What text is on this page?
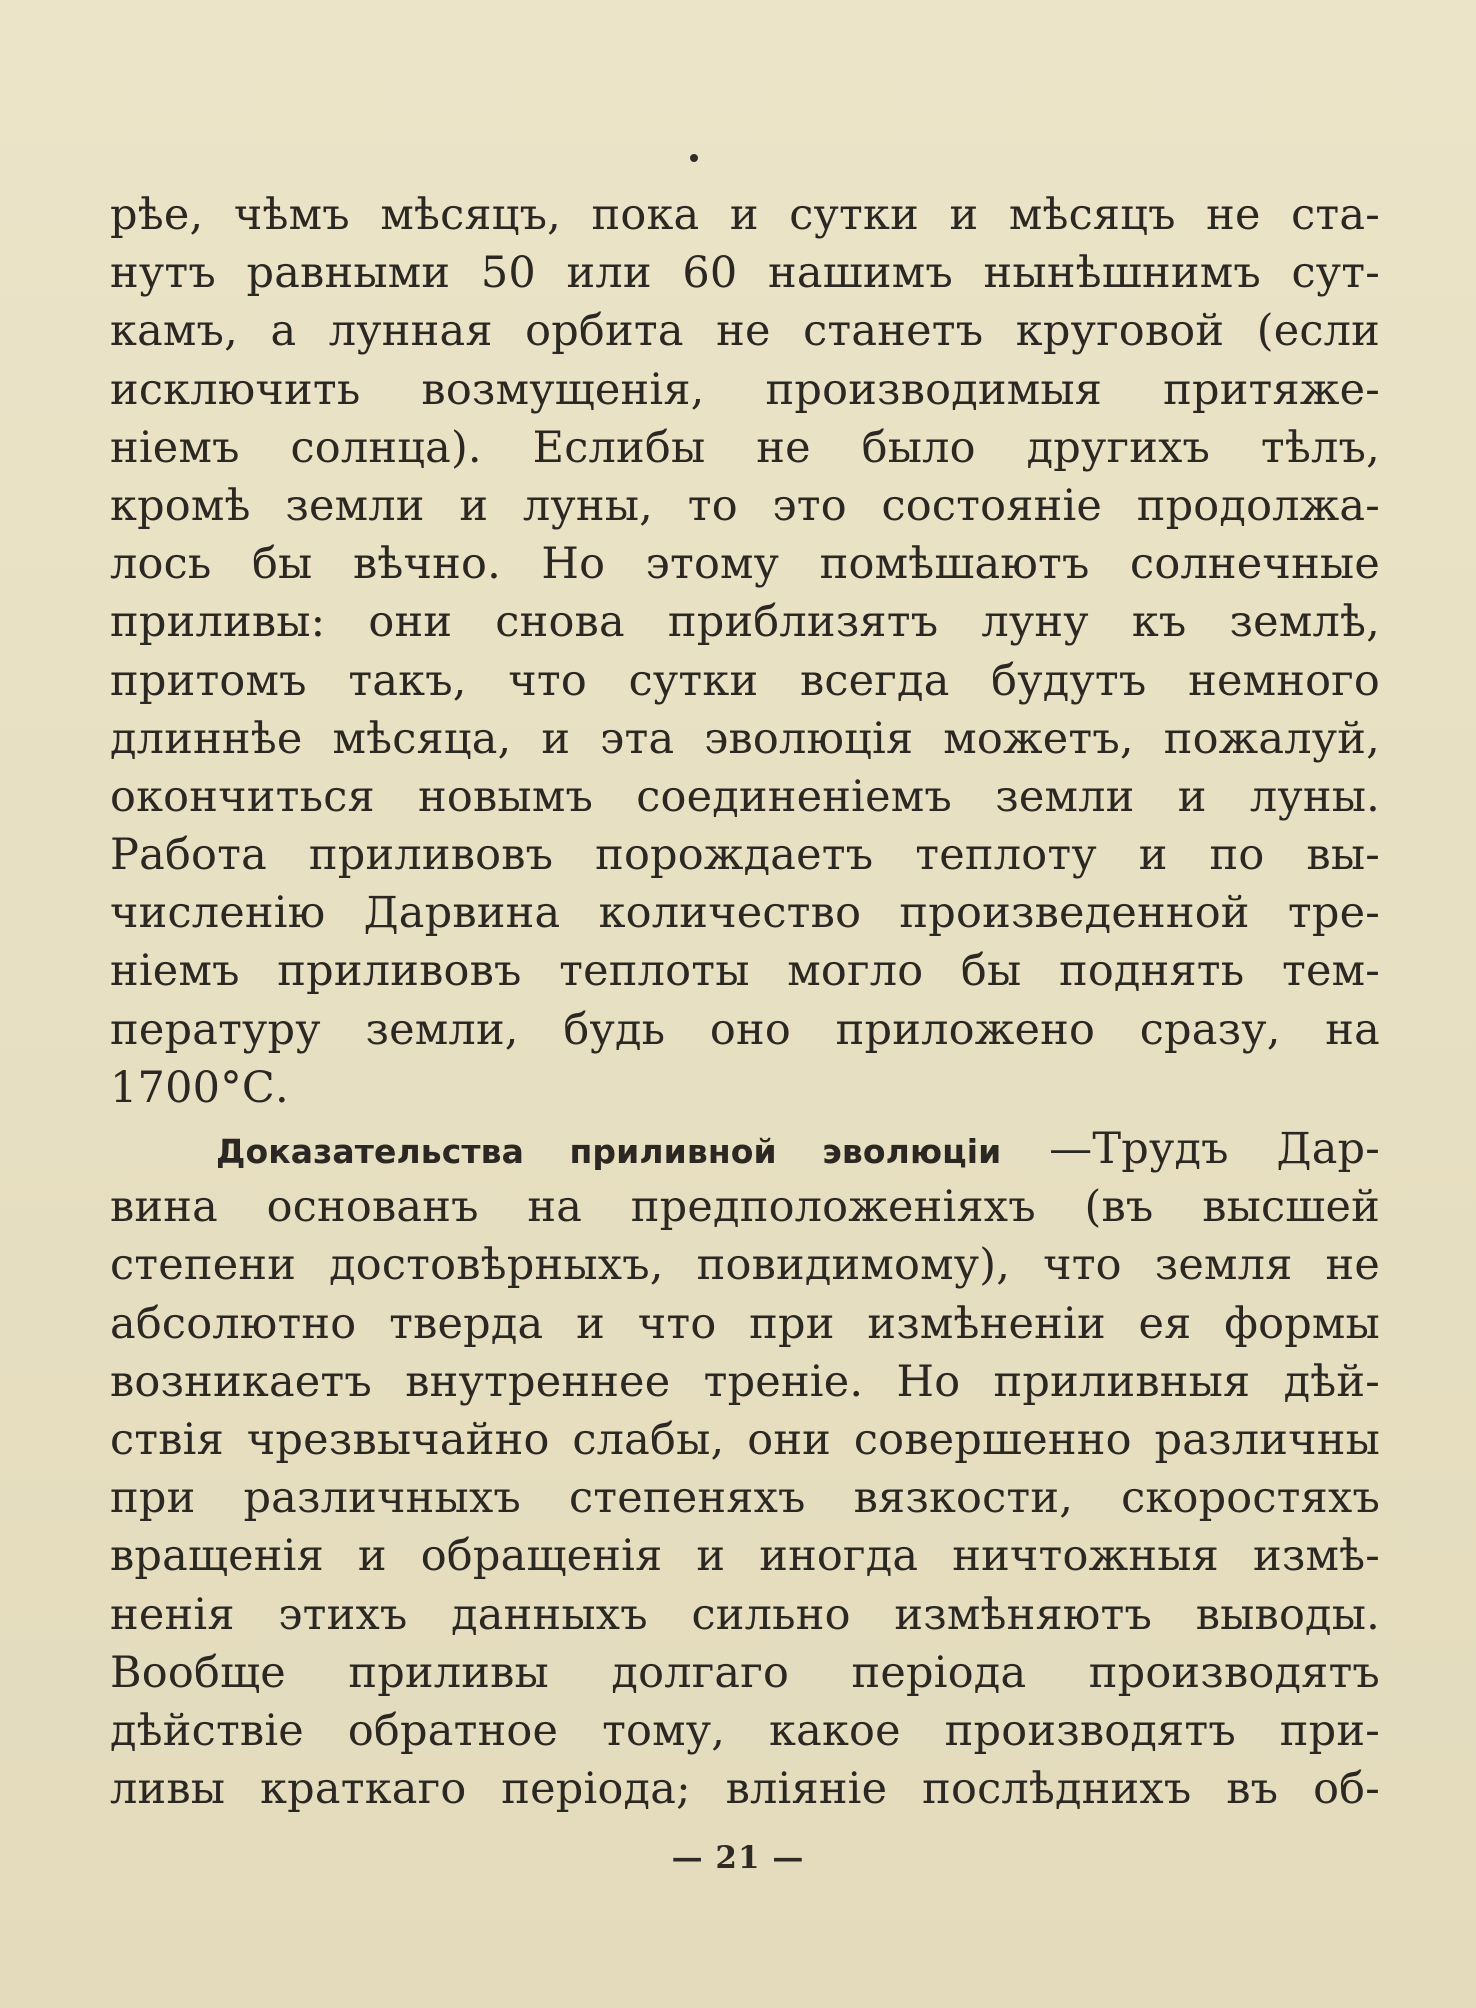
рѣе, чѣмъ мѣсяцъ, пока и сутки и мѣсяцъ не ста-
нутъ равными 50 или 60 нашимъ нынѣшнимъ сут-
камъ, а лунная орбита не станетъ круговой (если
исключить возмущенія, производимыя притяже-
ніемъ солнца). Еслибы не было другихъ тѣлъ,
кромѣ земли и луны, то это состояніе продолжа-
лось бы вѣчно. Но этому помѣшаютъ солнечные
приливы: они снова приблизятъ луну къ землѣ,
притомъ такъ, что сутки всегда будутъ немного
длиннѣе мѣсяца, и эта эволюція можетъ, пожалуй,
окончиться новымъ соединеніемъ земли и луны.
Работа приливовъ порождаетъ теплоту и по вы-
численію Дарвина количество произведенной тре-
ніемъ приливовъ теплоты могло бы поднять тем-
пературу земли, будь оно приложено сразу, на
1700°С.
Доказательства приливной эволюціи —Трудъ Дар-
вина основанъ на предположеніяхъ (въ высшей
степени достовѣрныхъ, повидимому), что земля не
абсолютно тверда и что при измѣненіи ея формы
возникаетъ внутреннее треніе. Но приливныя дѣй-
ствія чрезвычайно слабы, они совершенно различны
при различныхъ степеняхъ вязкости, скоростяхъ
вращенія и обращенія и иногда ничтожныя измѣ-
ненія этихъ данныхъ сильно измѣняютъ выводы.
Вообще приливы долгаго періода производятъ
дѣйствіе обратное тому, какое производятъ при-
ливы краткаго періода; вліяніе послѣднихъ въ об-
— 21 —
